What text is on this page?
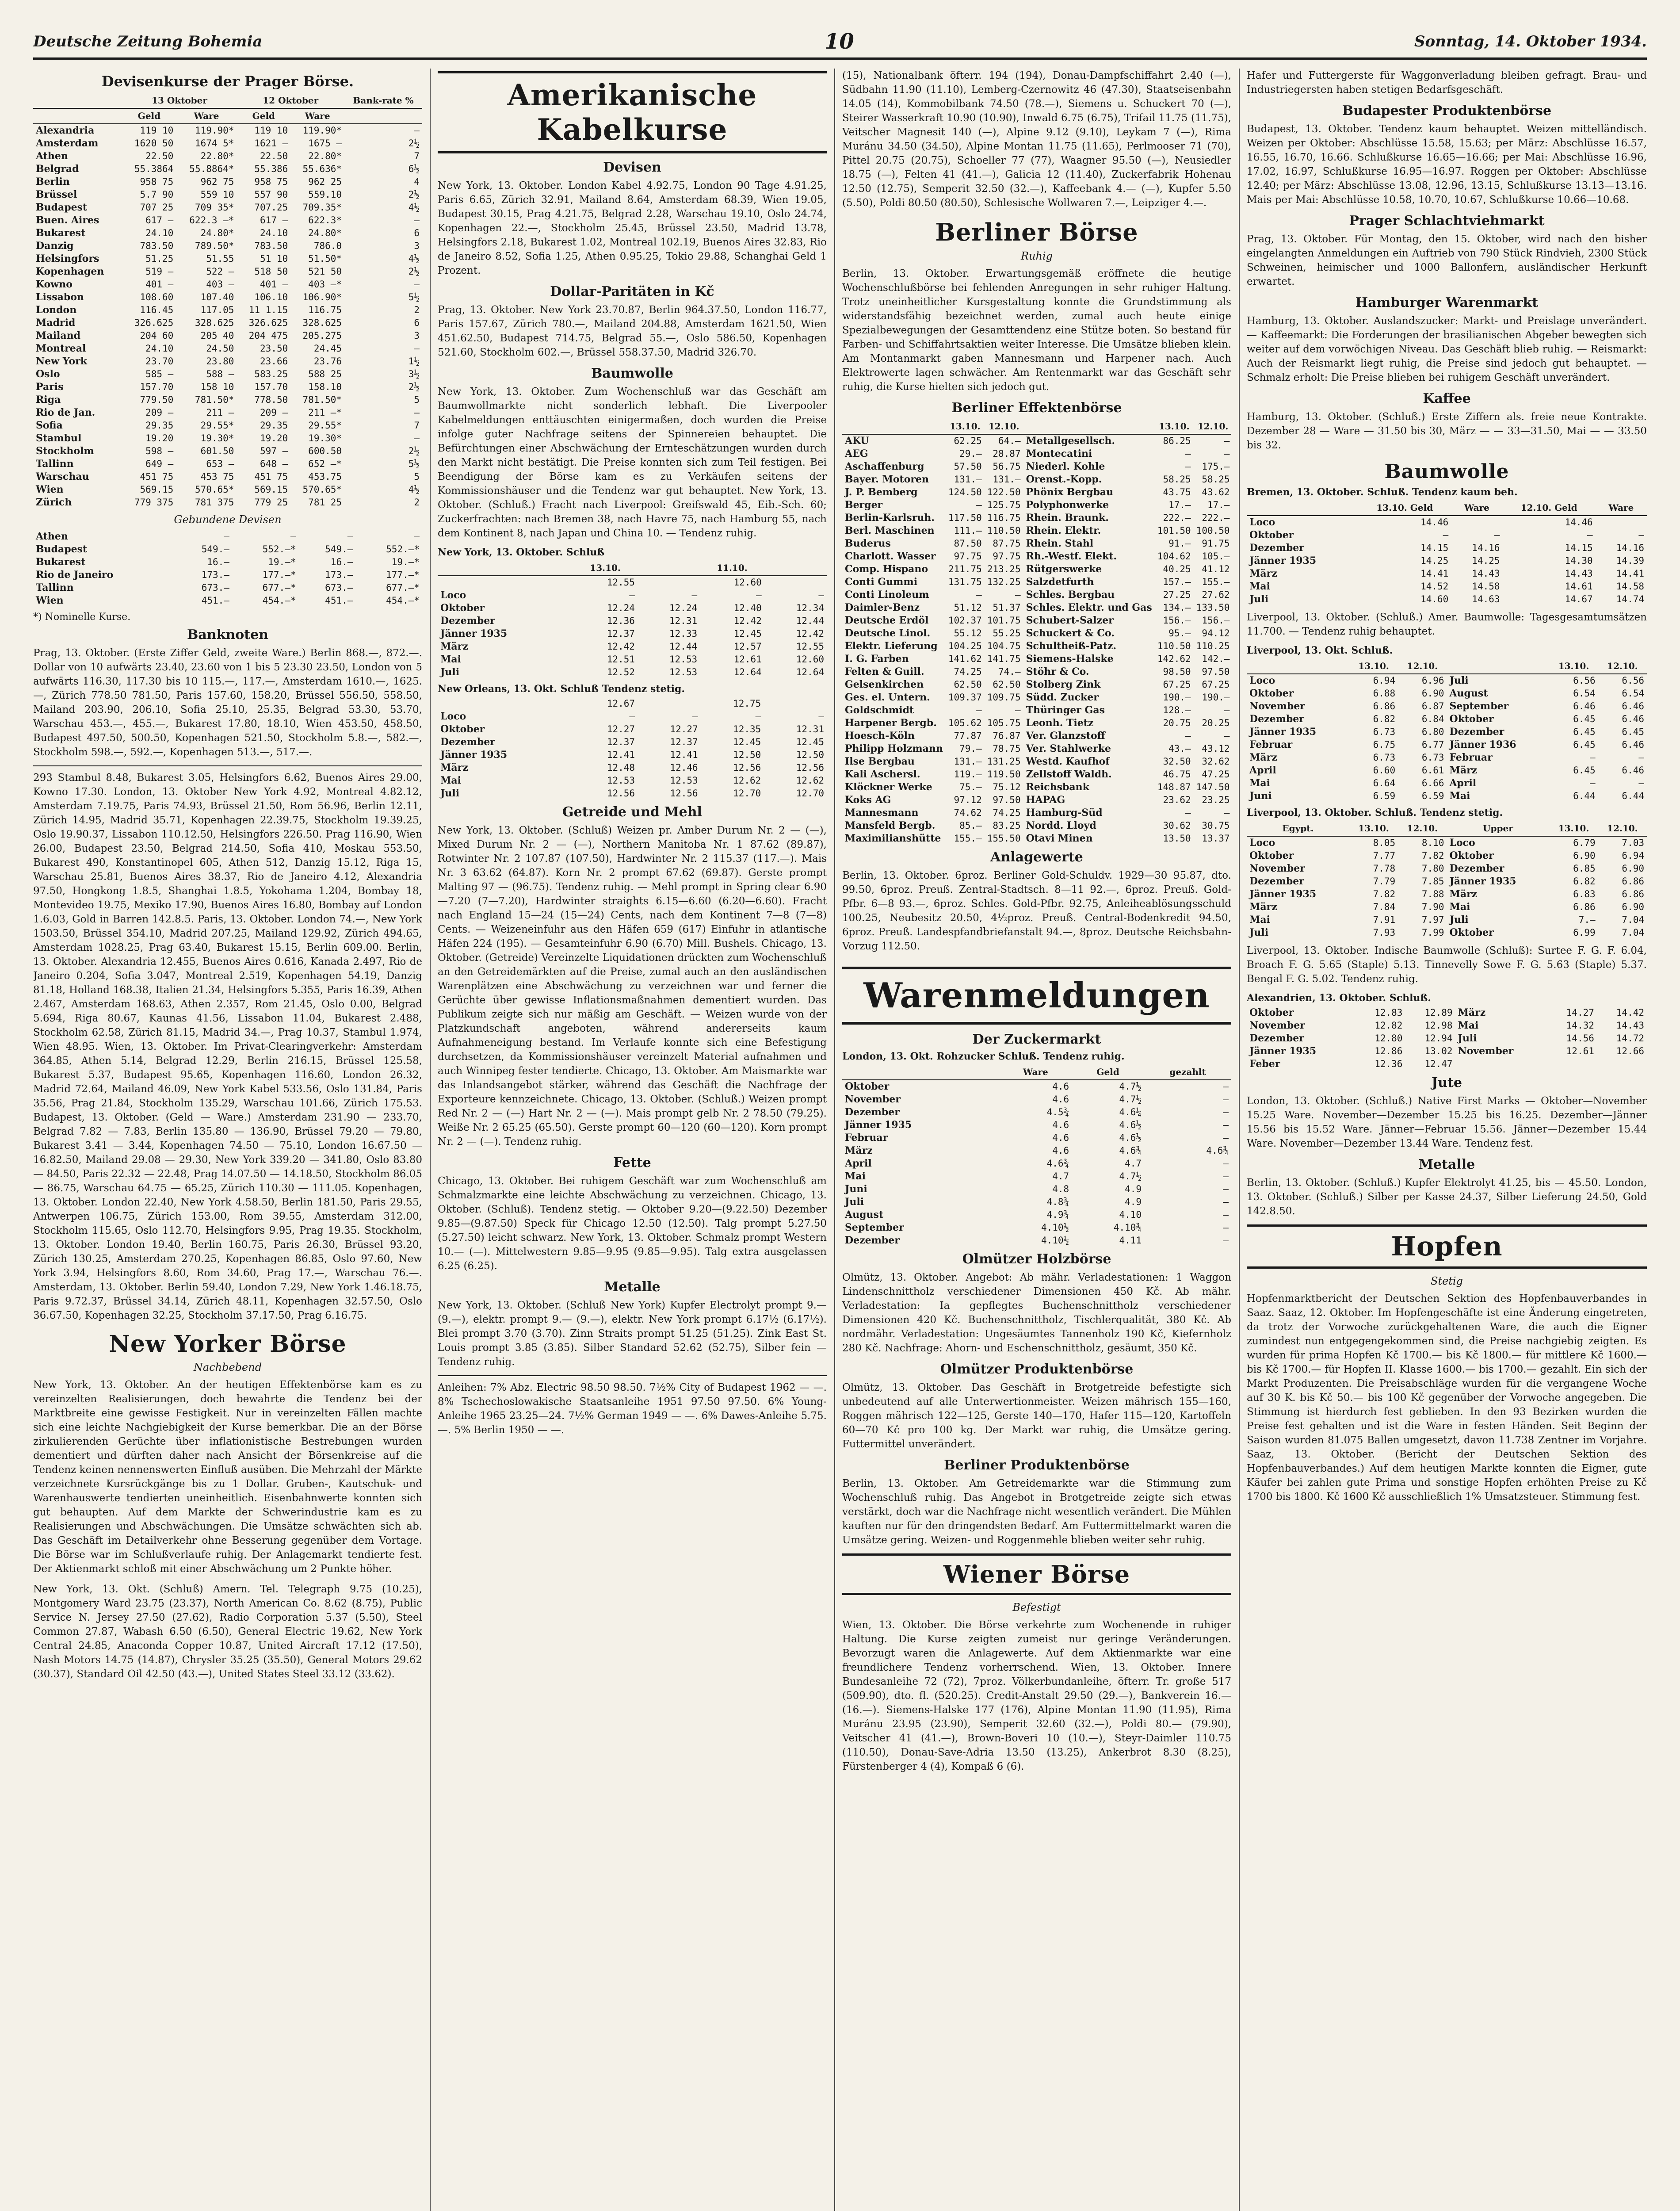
Deutsche Zeitung Bohemia	10	Sonntag, 14. Oktober 1934.
Devisenkurse der Prager Börse.
	13 Oktober		12 Oktober		Bank-rate %
	Geld	Ware	Geld	Ware	
Alexandria	119 10	119.90*	119 10	119.90*	—
Amsterdam	1620 50	1674 5*	1621 —	1675 —	2½
Athen	22.50	22.80*	22.50	22.80*	7
Belgrad	55.3864	55.8864*	55.386	55.636*	6½
Berlin	958 75	962 75	958 75	962 25	4
Brüssel	5.7 90	559 10	557 90	559.10	2½
Budapest	707 25	709 35*	707.25	709.35*	4½
Buen. Aires	617 —	622.3 —*	617 —	622.3*	—
Bukarest	24.10	24.80*	24.10	24.80*	6
Danzig	783.50	789.50*	783.50	786.0	3
Helsingfors	51.25	51.55	51 10	51.50*	4½
Kopenhagen	519 —	522 —	518 50	521 50	2½
Kowno	401 —	403 —	401 —	403 —*	—
Lissabon	108.60	107.40	106.10	106.90*	5½
London	116.45	117.05	11 1.15	116.75	2
Madrid	326.625	328.625	326.625	328.625	6
Mailand	204 60	205 40	204 475	205.275	3
Montreal	24.10	24.50	23.50	24.45	—
New York	23.70	23.80	23.66	23.76	1½
Oslo	585 —	588 —	583.25	588 25	3½
Paris	157.70	158 10	157.70	158.10	2½
Riga	779.50	781.50*	778.50	781.50*	5
Rio de Jan.	209 —	211 —	209 —	211 —*	—
Sofia	29.35	29.55*	29.35	29.55*	7
Stambul	19.20	19.30*	19.20	19.30*	—
Stockholm	598 —	601.50	597 —	600.50	2½
Tallinn	649 —	653 —	648 —	652 —*	5½
Warschau	451 75	453 75	451 75	453.75	5
Wien	569.15	570.65*	569.15	570.65*	4½
Zürich	779 375	781 375	779 25	781 25	2
Gebundene Devisen
Athen	—	—	—	—
Budapest	549.—	552.—*	549.—	552.—*
Bukarest	16.—	19.—*	16.—	19.—*
Rio de Janeiro	173.—	177.—*	173.—	177.—*
Tallinn	673.—	677.—*	673.—	677.—*
Wien	451.—	454.—*	451.—	454.—*
*) Nominelle Kurse.
Banknoten

Prag, 13. Oktober. (Erste Ziffer Geld, zweite Ware.) Berlin 868.—, 872.—. Dollar von 10 aufwärts 23.40, 23.60 von 1 bis 5 23.30 23.50, London von 5 aufwärts 116.30, 117.30 bis 10 115.—, 117.—, Amsterdam 1610.—, 1625.—, Zürich 778.50 781.50, Paris 157.60, 158.20, Brüssel 556.50, 558.50, Mailand 203.90, 206.10, Sofia 25.10, 25.35, Belgrad 53.30, 53.70, Warschau 453.—, 455.—, Bukarest 17.80, 18.10, Wien 453.50, 458.50, Budapest 497.50, 500.50, Kopenhagen 521.50, Stockholm 5.8.—, 582.—, Stockholm 598.—, 592.—, Kopenhagen 513.—, 517.—.

293 Stambul 8.48, Bukarest 3.05, Helsingfors 6.62, Buenos Aires 29.00, Kowno 17.30. London, 13. Oktober New York 4.92, Montreal 4.82.12, Amsterdam 7.19.75, Paris 74.93, Brüssel 21.50, Rom 56.96, Berlin 12.11, Zürich 14.95, Madrid 35.71, Kopenhagen 22.39.75, Stockholm 19.39.25, Oslo 19.90.37, Lissabon 110.12.50, Helsingfors 226.50. Prag 116.90, Wien 26.00, Budapest 23.50, Belgrad 214.50, Sofia 410, Moskau 553.50, Bukarest 490, Konstantinopel 605, Athen 512, Danzig 15.12, Riga 15, Warschau 25.81, Buenos Aires 38.37, Rio de Janeiro 4.12, Alexandria 97.50, Hongkong 1.8.5, Shanghai 1.8.5, Yokohama 1.204, Bombay 18, Montevideo 19.75, Mexiko 17.90, Buenos Aires 16.80, Bombay auf London 1.6.03, Gold in Barren 142.8.5. Paris, 13. Oktober. London 74.—, New York 1503.50, Brüssel 354.10, Madrid 207.25, Mailand 129.92, Zürich 494.65, Amsterdam 1028.25, Prag 63.40, Bukarest 15.15, Berlin 609.00. Berlin, 13. Oktober. Alexandria 12.455, Buenos Aires 0.616, Kanada 2.497, Rio de Janeiro 0.204, Sofia 3.047, Montreal 2.519, Kopenhagen 54.19, Danzig 81.18, Holland 168.38, Italien 21.34, Helsingfors 5.355, Paris 16.39, Athen 2.467, Amsterdam 168.63, Athen 2.357, Rom 21.45, Oslo 0.00, Belgrad 5.694, Riga 80.67, Kaunas 41.56, Lissabon 11.04, Bukarest 2.488, Stockholm 62.58, Zürich 81.15, Madrid 34.—, Prag 10.37, Stambul 1.974, Wien 48.95. Wien, 13. Oktober. Im Privat-Clearingverkehr: Amsterdam 364.85, Athen 5.14, Belgrad 12.29, Berlin 216.15, Brüssel 125.58, Bukarest 5.37, Budapest 95.65, Kopenhagen 116.60, London 26.32, Madrid 72.64, Mailand 46.09, New York Kabel 533.56, Oslo 131.84, Paris 35.56, Prag 21.84, Stockholm 135.29, Warschau 101.66, Zürich 175.53. Budapest, 13. Oktober. (Geld — Ware.) Amsterdam 231.90 — 233.70, Belgrad 7.82 — 7.83, Berlin 135.80 — 136.90, Brüssel 79.20 — 79.80, Bukarest 3.41 — 3.44, Kopenhagen 74.50 — 75.10, London 16.67.50 — 16.82.50, Mailand 29.08 — 29.30, New York 339.20 — 341.80, Oslo 83.80 — 84.50, Paris 22.32 — 22.48, Prag 14.07.50 — 14.18.50, Stockholm 86.05 — 86.75, Warschau 64.75 — 65.25, Zürich 110.30 — 111.05. Kopenhagen, 13. Oktober. London 22.40, New York 4.58.50, Berlin 181.50, Paris 29.55, Antwerpen 106.75, Zürich 153.00, Rom 39.55, Amsterdam 312.00, Stockholm 115.65, Oslo 112.70, Helsingfors 9.95, Prag 19.35. Stockholm, 13. Oktober. London 19.40, Berlin 160.75, Paris 26.30, Brüssel 93.20, Zürich 130.25, Amsterdam 270.25, Kopenhagen 86.85, Oslo 97.60, New York 3.94, Helsingfors 8.60, Rom 34.60, Prag 17.—, Warschau 76.—. Amsterdam, 13. Oktober. Berlin 59.40, London 7.29, New York 1.46.18.75, Paris 9.72.37, Brüssel 34.14, Zürich 48.11, Kopenhagen 32.57.50, Oslo 36.67.50, Kopenhagen 32.25, Stockholm 37.17.50, Prag 6.16.75.

New Yorker Börse
Nachbebend

New York, 13. Oktober. An der heutigen Effektenbörse kam es zu vereinzelten Realisierungen, doch bewahrte die Tendenz bei der Marktbreite eine gewisse Festigkeit. Nur in vereinzelten Fällen machte sich eine leichte Nachgiebigkeit der Kurse bemerkbar. Die an der Börse zirkulierenden Gerüchte über inflationistische Bestrebungen wurden dementiert und dürften daher nach Ansicht der Börsenkreise auf die Tendenz keinen nennenswerten Einfluß ausüben. Die Mehrzahl der Märkte verzeichnete Kursrückgänge bis zu 1 Dollar. Gruben-, Kautschuk- und Warenhauswerte tendierten uneinheitlich. Eisenbahnwerte konnten sich gut behaupten. Auf dem Markte der Schwerindustrie kam es zu Realisierungen und Abschwächungen. Die Umsätze schwächten sich ab. Das Geschäft im Detailverkehr ohne Besserung gegenüber dem Vortage. Die Börse war im Schlußverlaufe ruhig. Der Anlagemarkt tendierte fest. Der Aktienmarkt schloß mit einer Abschwächung um 2 Punkte höher.

New York, 13. Okt. (Schluß) Amern. Tel. Telegraph 9.75 (10.25), Montgomery Ward 23.75 (23.37), North American Co. 8.62 (8.75), Public Service N. Jersey 27.50 (27.62), Radio Corporation 5.37 (5.50), Steel Common 27.87, Wabash 6.50 (6.50), General Electric 19.62, New York Central 24.85, Anaconda Copper 10.87, United Aircraft 17.12 (17.50), Nash Motors 14.75 (14.87), Chrysler 35.25 (35.50), General Motors 29.62 (30.37), Standard Oil 42.50 (43.—), United States Steel 33.12 (33.62).

Amerikanische Kabelkurse
Devisen

New York, 13. Oktober. London Kabel 4.92.75, London 90 Tage 4.91.25, Paris 6.65, Zürich 32.91, Mailand 8.64, Amsterdam 68.39, Wien 19.05, Budapest 30.15, Prag 4.21.75, Belgrad 2.28, Warschau 19.10, Oslo 24.74, Kopenhagen 22.—, Stockholm 25.45, Brüssel 23.50, Madrid 13.78, Helsingfors 2.18, Bukarest 1.02, Montreal 102.19, Buenos Aires 32.83, Rio de Janeiro 8.52, Sofia 1.25, Athen 0.95.25, Tokio 29.88, Schanghai Geld 1 Prozent.

Dollar-Paritäten in Kč

Prag, 13. Oktober. New York 23.70.87, Berlin 964.37.50, London 116.77, Paris 157.67, Zürich 780.—, Mailand 204.88, Amsterdam 1621.50, Wien 451.62.50, Budapest 714.75, Belgrad 55.—, Oslo 586.50, Kopenhagen 521.60, Stockholm 602.—, Brüssel 558.37.50, Madrid 326.70.

Baumwolle

New York, 13. Oktober. Zum Wochenschluß war das Geschäft am Baumwollmarkte nicht sonderlich lebhaft. Die Liverpooler Kabelmeldungen enttäuschten einigermaßen, doch wurden die Preise infolge guter Nachfrage seitens der Spinnereien behauptet. Die Befürchtungen einer Abschwächung der Ernteschätzungen wurden durch den Markt nicht bestätigt. Die Preise konnten sich zum Teil festigen. Bei Beendigung der Börse kam es zu Verkäufen seitens der Kommissionshäuser und die Tendenz war gut behauptet. New York, 13. Oktober. (Schluß.) Fracht nach Liverpool: Greifswald 45, Eib.-Sch. 60; Zuckerfrachten: nach Bremen 38, nach Havre 75, nach Hamburg 55, nach dem Kontinent 8, nach Japan und China 10. — Tendenz ruhig.

New York, 13. Oktober. Schluß
	13.10.		11.10.	
	12.55		12.60	
Loco	—	—	—	—
Oktober	12.24	12.24	12.40	12.34
Dezember	12.36	12.31	12.42	12.44
Jänner 1935	12.37	12.33	12.45	12.42
März	12.42	12.44	12.57	12.55
Mai	12.51	12.53	12.61	12.60
Juli	12.52	12.53	12.64	12.64
New Orleans, 13. Okt. Schluß Tendenz stetig.
	12.67		12.75	
Loco	—	—	—	—
Oktober	12.27	12.27	12.35	12.31
Dezember	12.37	12.37	12.45	12.45
Jänner 1935	12.41	12.41	12.50	12.50
März	12.48	12.46	12.56	12.56
Mai	12.53	12.53	12.62	12.62
Juli	12.56	12.56	12.70	12.70
Getreide und Mehl

New York, 13. Oktober. (Schluß) Weizen pr. Amber Durum Nr. 2 — (—), Mixed Durum Nr. 2 — (—), Northern Manitoba Nr. 1 87.62 (89.87), Rotwinter Nr. 2 107.87 (107.50), Hardwinter Nr. 2 115.37 (117.—). Mais Nr. 3 63.62 (64.87). Korn Nr. 2 prompt 67.62 (69.87). Gerste prompt Malting 97 — (96.75). Tendenz ruhig. — Mehl prompt in Spring clear 6.90—7.20 (7—7.20), Hardwinter straights 6.15—6.60 (6.20—6.60). Fracht nach England 15—24 (15—24) Cents, nach dem Kontinent 7—8 (7—8) Cents. — Weizeneinfuhr aus den Häfen 659 (617) Einfuhr in atlantische Häfen 224 (195). — Gesamteinfuhr 6.90 (6.70) Mill. Bushels. Chicago, 13. Oktober. (Getreide) Vereinzelte Liquidationen drückten zum Wochenschluß an den Getreidemärkten auf die Preise, zumal auch an den ausländischen Warenplätzen eine Abschwächung zu verzeichnen war und ferner die Gerüchte über gewisse Inflationsmaßnahmen dementiert wurden. Das Publikum zeigte sich nur mäßig am Geschäft. — Weizen wurde von der Platzkundschaft angeboten, während andererseits kaum Aufnahmeneigung bestand. Im Verlaufe konnte sich eine Befestigung durchsetzen, da Kommissionshäuser vereinzelt Material aufnahmen und auch Winnipeg fester tendierte. Chicago, 13. Oktober. Am Maismarkte war das Inlandsangebot stärker, während das Geschäft die Nachfrage der Exporteure kennzeichnete. Chicago, 13. Oktober. (Schluß.) Weizen prompt Red Nr. 2 — (—) Hart Nr. 2 — (—). Mais prompt gelb Nr. 2 78.50 (79.25). Weiße Nr. 2 65.25 (65.50). Gerste prompt 60—120 (60—120). Korn prompt Nr. 2 — (—). Tendenz ruhig.

Fette

Chicago, 13. Oktober. Bei ruhigem Geschäft war zum Wochenschluß am Schmalzmarkte eine leichte Abschwächung zu verzeichnen. Chicago, 13. Oktober. (Schluß). Tendenz stetig. — Oktober 9.20—(9.22.50) Dezember 9.85—(9.87.50) Speck für Chicago 12.50 (12.50). Talg prompt 5.27.50 (5.27.50) leicht schwarz. New York, 13. Oktober. Schmalz prompt Western 10.— (—). Mittelwestern 9.85—9.95 (9.85—9.95). Talg extra ausgelassen 6.25 (6.25).

Metalle

New York, 13. Oktober. (Schluß New York) Kupfer Electrolyt prompt 9.— (9.—), elektr. prompt 9.— (9.—), elektr. New York prompt 6.17½ (6.17½). Blei prompt 3.70 (3.70). Zinn Straits prompt 51.25 (51.25). Zink East St. Louis prompt 3.85 (3.85). Silber Standard 52.62 (52.75), Silber fein — Tendenz ruhig.

Anleihen: 7% Abz. Electric 98.50 98.50. 7½% City of Budapest 1962 — —. 8% Tschechoslowakische Staatsanleihe 1951 97.50 97.50. 6% Young-Anleihe 1965 23.25—24. 7½% German 1949 — —. 6% Dawes-Anleihe 5.75.—. 5% Berlin 1950 — —.

(15), Nationalbank öfterr. 194 (194), Donau-Dampfschiffahrt 2.40 (—), Südbahn 11.90 (11.10), Lemberg-Czernowitz 46 (47.30), Staatseisenbahn 14.05 (14), Kommobilbank 74.50 (78.—), Siemens u. Schuckert 70 (—), Steirer Wasserkraft 10.90 (10.90), Inwald 6.75 (6.75), Trifail 11.75 (11.75), Veitscher Magnesit 140 (—), Alpine 9.12 (9.10), Leykam 7 (—), Rima Muránu 34.50 (34.50), Alpine Montan 11.75 (11.65), Perlmooser 71 (70), Pittel 20.75 (20.75), Schoeller 77 (77), Waagner 95.50 (—), Neusiedler 18.75 (—), Felten 41 (41.—), Galicia 12 (11.40), Zuckerfabrik Hohenau 12.50 (12.75), Semperit 32.50 (32.—), Kaffeebank 4.— (—), Kupfer 5.50 (5.50), Poldi 80.50 (80.50), Schlesische Wollwaren 7.—, Leipziger 4.—.

Berliner Börse
Ruhig

Berlin, 13. Oktober. Erwartungsgemäß eröffnete die heutige Wochenschlußbörse bei fehlenden Anregungen in sehr ruhiger Haltung. Trotz uneinheitlicher Kursgestaltung konnte die Grundstimmung als widerstandsfähig bezeichnet werden, zumal auch heute einige Spezialbewegungen der Gesamttendenz eine Stütze boten. So bestand für Farben- und Schiffahrtsaktien weiter Interesse. Die Umsätze blieben klein. Am Montanmarkt gaben Mannesmann und Harpener nach. Auch Elektrowerte lagen schwächer. Am Rentenmarkt war das Geschäft sehr ruhig, die Kurse hielten sich jedoch gut.

Berliner Effektenbörse
	13.10.	12.10.		13.10.	12.10.
AKU	62.25	64.—	Metallgesellsch.	86.25	—
AEG	29.—	28.87	Montecatini	—	—
Aschaffenburg	57.50	56.75	Niederl. Kohle	—	175.—
Bayer. Motoren	131.—	131.—	Orenst.-Kopp.	58.25	58.25
J. P. Bemberg	124.50	122.50	Phönix Bergbau	43.75	43.62
Berger	—	125.75	Polyphonwerke	17.—	17.—
Berlin-Karlsruh.	117.50	116.75	Rhein. Braunk.	222.—	222.—
Berl. Maschinen	111.—	110.50	Rhein. Elektr.	101.50	100.50
Buderus	87.50	87.75	Rhein. Stahl	91.—	91.75
Charlott. Wasser	97.75	97.75	Rh.-Westf. Elekt.	104.62	105.—
Comp. Hispano	211.75	213.25	Rütgerswerke	40.25	41.12
Conti Gummi	131.75	132.25	Salzdetfurth	157.—	155.—
Conti Linoleum	—	—	Schles. Bergbau	27.25	27.62
Daimler-Benz	51.12	51.37	Schles. Elektr. und Gas	134.—	133.50
Deutsche Erdöl	102.37	101.75	Schubert-Salzer	156.—	156.—
Deutsche Linol.	55.12	55.25	Schuckert & Co.	95.—	94.12
Elektr. Lieferung	104.25	104.75	Schultheiß-Patz.	110.50	110.25
I. G. Farben	141.62	141.75	Siemens-Halske	142.62	142.—
Felten & Guill.	74.25	74.—	Stöhr & Co.	98.50	97.50
Gelsenkirchen	62.50	62.50	Stolberg Zink	67.25	67.25
Ges. el. Untern.	109.37	109.75	Südd. Zucker	190.—	190.—
Goldschmidt	—	—	Thüringer Gas	128.—	—
Harpener Bergb.	105.62	105.75	Leonh. Tietz	20.75	20.25
Hoesch-Köln	77.87	76.87	Ver. Glanzstoff	—	—
Philipp Holzmann	79.—	78.75	Ver. Stahlwerke	43.—	43.12
Ilse Bergbau	131.—	131.25	Westd. Kaufhof	32.50	32.62
Kali Aschersl.	119.—	119.50	Zellstoff Waldh.	46.75	47.25
Klöckner Werke	75.—	75.12	Reichsbank	148.87	147.50
Koks AG	97.12	97.50	HAPAG	23.62	23.25
Mannesmann	74.62	74.25	Hamburg-Süd	—	—
Mansfeld Bergb.	85.—	83.25	Nordd. Lloyd	30.62	30.75
Maximilianshütte	155.—	155.50	Otavi Minen	13.50	13.37
Anlagewerte

Berlin, 13. Oktober. 6proz. Berliner Gold-Schuldv. 1929—30 95.87, dto. 99.50, 6proz. Preuß. Zentral-Stadtsch. 8—11 92.—, 6proz. Preuß. Gold-Pfbr. 6—8 93.—, 6proz. Schles. Gold-Pfbr. 92.75, Anleiheablösungsschuld 100.25, Neubesitz 20.50, 4½proz. Preuß. Central-Bodenkredit 94.50, 6proz. Preuß. Landespfandbriefanstalt 94.—, 8proz. Deutsche Reichsbahn-Vorzug 112.50.

Warenmeldungen
Der Zuckermarkt
London, 13. Okt. Rohzucker Schluß. Tendenz ruhig.
	Ware	Geld	gezahlt
Oktober	4.6	4.7½	—
November	4.6	4.7½	—
Dezember	4.5¾	4.6¼	—
Jänner 1935	4.6	4.6½	—
Februar	4.6	4.6½	—
März	4.6	4.6¾	4.6¾
April	4.6¾	4.7	—
Mai	4.7	4.7½	—
Juni	4.8	4.9	—
Juli	4.8¾	4.9	—
August	4.9¾	4.10	—
September	4.10½	4.10¾	—
Dezember	4.10½	4.11	—
Olmützer Holzbörse

Olmütz, 13. Oktober. Angebot: Ab mähr. Verladestationen: 1 Waggon Lindenschnittholz verschiedener Dimensionen 450 Kč. Ab mähr. Verladestation: Ia gepflegtes Buchenschnittholz verschiedener Dimensionen 420 Kč. Buchenschnittholz, Tischlerqualität, 380 Kč. Ab nordmähr. Verladestation: Ungesäumtes Tannenholz 190 Kč, Kiefernholz 280 Kč. Nachfrage: Ahorn- und Eschenschnittholz, gesäumt, 350 Kč.

Olmützer Produktenbörse

Olmütz, 13. Oktober. Das Geschäft in Brotgetreide befestigte sich unbedeutend auf alle Unterwertionmeister. Weizen mährisch 155—160, Roggen mährisch 122—125, Gerste 140—170, Hafer 115—120, Kartoffeln 60—70 Kč pro 100 kg. Der Markt war ruhig, die Umsätze gering. Futtermittel unverändert.

Berliner Produktenbörse

Berlin, 13. Oktober. Am Getreidemarkte war die Stimmung zum Wochenschluß ruhig. Das Angebot in Brotgetreide zeigte sich etwas verstärkt, doch war die Nachfrage nicht wesentlich verändert. Die Mühlen kauften nur für den dringendsten Bedarf. Am Futtermittelmarkt waren die Umsätze gering. Weizen- und Roggenmehle blieben weiter sehr ruhig.

Wiener Börse
Befestigt

Wien, 13. Oktober. Die Börse verkehrte zum Wochenende in ruhiger Haltung. Die Kurse zeigten zumeist nur geringe Veränderungen. Bevorzugt waren die Anlagewerte. Auf dem Aktienmarkte war eine freundlichere Tendenz vorherrschend. Wien, 13. Oktober. Innere Bundesanleihe 72 (72), 7proz. Völkerbundanleihe, öfterr. Tr. große 517 (509.90), dto. fl. (520.25). Credit-Anstalt 29.50 (29.—), Bankverein 16.— (16.—). Siemens-Halske 177 (176), Alpine Montan 11.90 (11.95), Rima Muránu 23.95 (23.90), Semperit 32.60 (32.—), Poldi 80.— (79.90), Veitscher 41 (41.—), Brown-Boveri 10 (10.—), Steyr-Daimler 110.75 (110.50), Donau-Save-Adria 13.50 (13.25), Ankerbrot 8.30 (8.25), Fürstenberger 4 (4), Kompaß 6 (6).

Hafer und Futtergerste für Waggonverladung bleiben gefragt. Brau- und Industriegersten haben stetigen Bedarfsgeschäft.

Budapester Produktenbörse

Budapest, 13. Oktober. Tendenz kaum behauptet. Weizen mittelländisch. Weizen per Oktober: Abschlüsse 15.58, 15.63; per März: Abschlüsse 16.57, 16.55, 16.70, 16.66. Schlußkurse 16.65—16.66; per Mai: Abschlüsse 16.96, 17.02, 16.97, Schlußkurse 16.95—16.97. Roggen per Oktober: Abschlüsse 12.40; per März: Abschlüsse 13.08, 12.96, 13.15, Schlußkurse 13.13—13.16. Mais per Mai: Abschlüsse 10.58, 10.70, 10.67, Schlußkurse 10.66—10.68.

Prager Schlachtviehmarkt

Prag, 13. Oktober. Für Montag, den 15. Oktober, wird nach den bisher eingelangten Anmeldungen ein Auftrieb von 790 Stück Rindvieh, 2300 Stück Schweinen, heimischer und 1000 Ballonfern, ausländischer Herkunft erwartet.

Hamburger Warenmarkt

Hamburg, 13. Oktober. Auslandszucker: Markt- und Preislage unverändert. — Kaffeemarkt: Die Forderungen der brasilianischen Abgeber bewegten sich weiter auf dem vorwöchigen Niveau. Das Geschäft blieb ruhig. — Reismarkt: Auch der Reismarkt liegt ruhig, die Preise sind jedoch gut behauptet. — Schmalz erholt: Die Preise blieben bei ruhigem Geschäft unverändert.

Kaffee

Hamburg, 13. Oktober. (Schluß.) Erste Ziffern als. freie neue Kontrakte. Dezember 28 — Ware — 31.50 bis 30, März — — 33—31.50, Mai — — 33.50 bis 32.

Baumwolle
Bremen, 13. Oktober. Schluß. Tendenz kaum beh.
	13.10. Geld	Ware	12.10. Geld	Ware
Loco	14.46		14.46	
Oktober	—	—	—	—
Dezember	14.15	14.16	14.15	14.16
Jänner 1935	14.25	14.25	14.30	14.39
März	14.41	14.43	14.43	14.41
Mai	14.52	14.58	14.61	14.58
Juli	14.60	14.63	14.67	14.74

Liverpool, 13. Oktober. (Schluß.) Amer. Baumwolle: Tagesgesamtumsätzen 11.700. — Tendenz ruhig behauptet.

Liverpool, 13. Okt. Schluß.
	13.10.	12.10.		13.10.	12.10.
Loco	6.94	6.96	Juli	6.56	6.56
Oktober	6.88	6.90	August	6.54	6.54
November	6.86	6.87	September	6.46	6.46
Dezember	6.82	6.84	Oktober	6.45	6.46
Jänner 1935	6.73	6.80	Dezember	6.45	6.45
Februar	6.75	6.77	Jänner 1936	6.45	6.46
März	6.73	6.73	Februar	—	—
April	6.60	6.61	März	6.45	6.46
Mai	6.64	6.66	April	—	—
Juni	6.59	6.59	Mai	6.44	6.44
Liverpool, 13. Oktober. Schluß. Tendenz stetig.
Egypt.	13.10.	12.10.	Upper	13.10.	12.10.
Loco	8.05	8.10	Loco	6.79	7.03
Oktober	7.77	7.82	Oktober	6.90	6.94
November	7.78	7.80	Dezember	6.85	6.90
Dezember	7.79	7.85	Jänner 1935	6.82	6.86
Jänner 1935	7.82	7.88	März	6.83	6.86
März	7.84	7.90	Mai	6.86	6.90
Mai	7.91	7.97	Juli	7.—	7.04
Juli	7.93	7.99	Oktober	6.99	7.04

Liverpool, 13. Oktober. Indische Baumwolle (Schluß): Surtee F. G. F. 6.04, Broach F. G. 5.65 (Staple) 5.13. Tinnevelly Sowe F. G. 5.63 (Staple) 5.37. Bengal F. G. 5.02. Tendenz ruhig.

Alexandrien, 13. Oktober. Schluß.
Oktober	12.83	12.89	März	14.27	14.42
November	12.82	12.98	Mai	14.32	14.43
Dezember	12.80	12.94	Juli	14.56	14.72
Jänner 1935	12.86	13.02	November	12.61	12.66
Feber	12.36	12.47			
Jute

London, 13. Oktober. (Schluß.) Native First Marks — Oktober—November 15.25 Ware. November—Dezember 15.25 bis 16.25. Dezember—Jänner 15.56 bis 15.52 Ware. Jänner—Februar 15.56. Jänner—Dezember 15.44 Ware. November—Dezember 13.44 Ware. Tendenz fest.

Metalle

Berlin, 13. Oktober. (Schluß.) Kupfer Elektrolyt 41.25, bis — 45.50. London, 13. Oktober. (Schluß.) Silber per Kasse 24.37, Silber Lieferung 24.50, Gold 142.8.50.

Hopfen
Stetig

Hopfenmarktbericht der Deutschen Sektion des Hopfenbauverbandes in Saaz. Saaz, 12. Oktober. Im Hopfengeschäfte ist eine Änderung eingetreten, da trotz der Vorwoche zurückgehaltenen Ware, die auch die Eigner zumindest nun entgegengekommen sind, die Preise nachgiebig zeigten. Es wurden für prima Hopfen Kč 1700.— bis Kč 1800.— für mittlere Kč 1600.— bis Kč 1700.— für Hopfen II. Klasse 1600.— bis 1700.— gezahlt. Ein sich der Markt Produzenten. Die Preisabschläge wurden für die vergangene Woche auf 30 K. bis Kč 50.— bis 100 Kč gegenüber der Vorwoche angegeben. Die Stimmung ist hierdurch fest geblieben. In den 93 Bezirken wurden die Preise fest gehalten und ist die Ware in festen Händen. Seit Beginn der Saison wurden 81.075 Ballen umgesetzt, davon 11.738 Zentner im Vorjahre. Saaz, 13. Oktober. (Bericht der Deutschen Sektion des Hopfenbauverbandes.) Auf dem heutigen Markte konnten die Eigner, gute Käufer bei zahlen gute Prima und sonstige Hopfen erhöhten Preise zu Kč 1700 bis 1800. Kč 1600 Kč ausschließlich 1% Umsatzsteuer. Stimmung fest.
